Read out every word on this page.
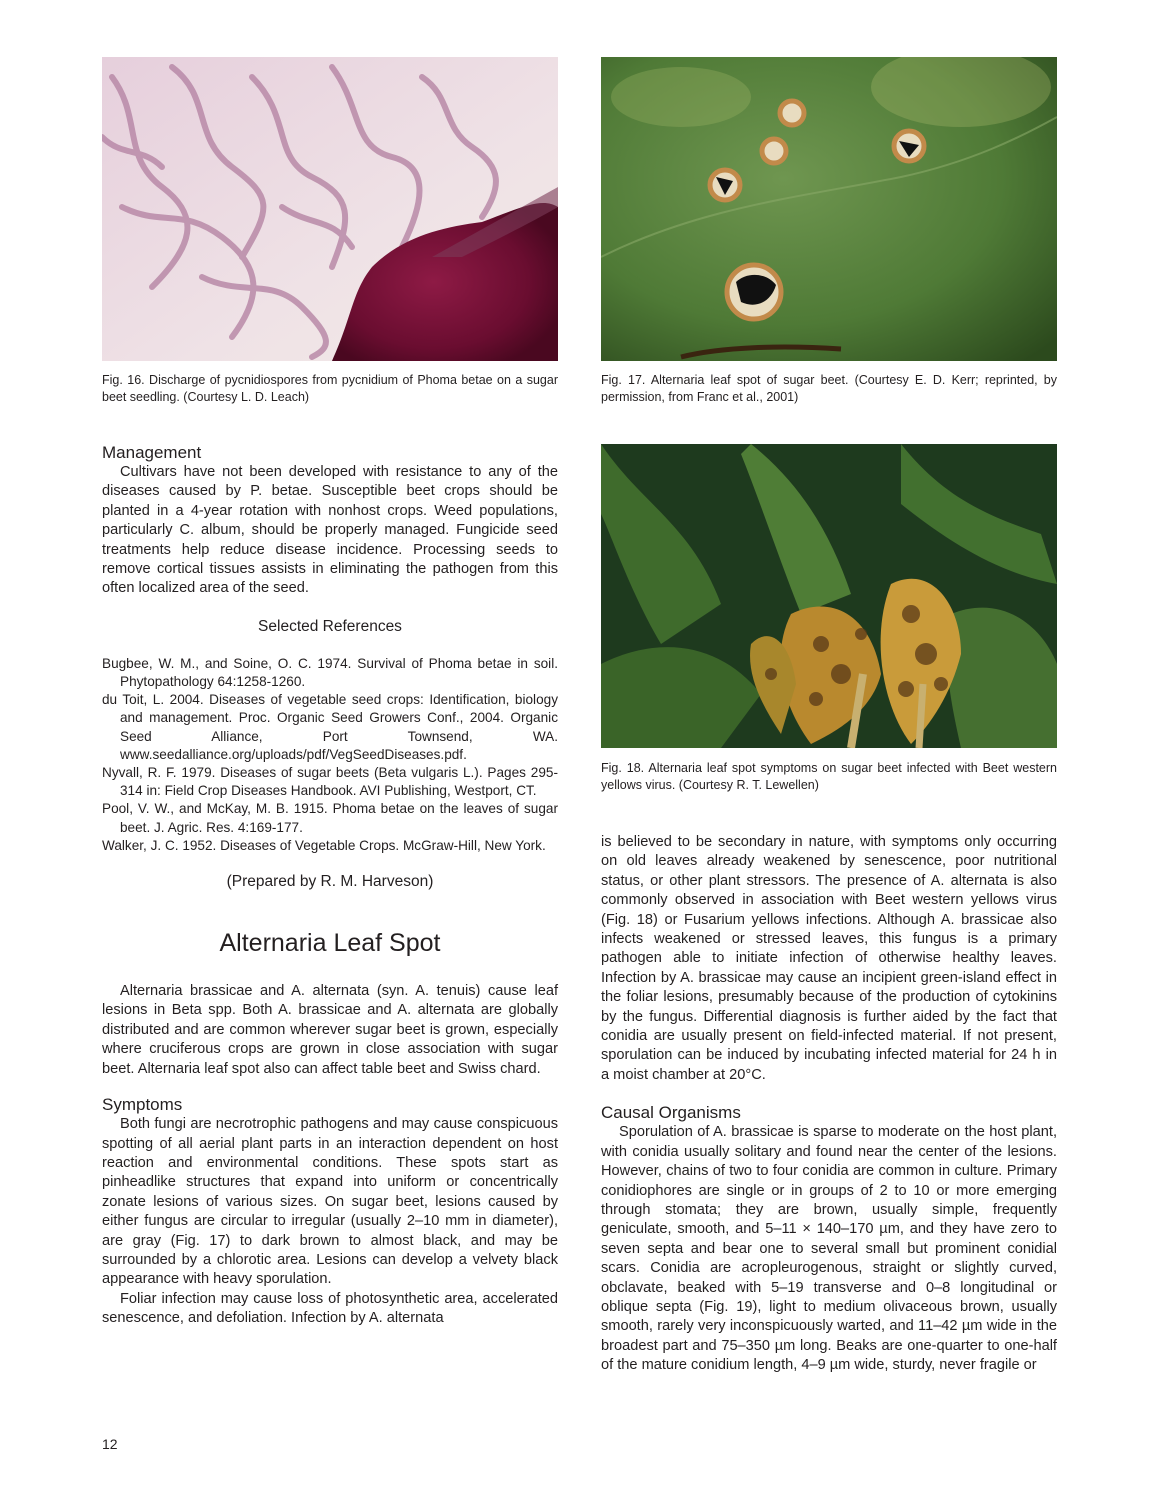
Fig. 16. Discharge of pycnidiospores from pycnidium of Phoma betae on a sugar beet seedling. (Courtesy L. D. Leach)
Fig. 17. Alternaria leaf spot of sugar beet. (Courtesy E. D. Kerr; reprinted, by permission, from Franc et al., 2001)
Fig. 18. Alternaria leaf spot symptoms on sugar beet infected with Beet western yellows virus. (Courtesy R. T. Lewellen)
Management

Cultivars have not been developed with resistance to any of the diseases caused by P. betae. Susceptible beet crops should be planted in a 4-year rotation with nonhost crops. Weed populations, particularly C. album, should be properly managed. Fungicide seed treatments help reduce disease incidence. Processing seeds to remove cortical tissues assists in eliminating the pathogen from this often localized area of the seed.

Selected References
Bugbee, W. M., and Soine, O. C. 1974. Survival of Phoma betae in soil. Phytopathology 64:1258-1260.
du Toit, L. 2004. Diseases of vegetable seed crops: Identification, biology and management. Proc. Organic Seed Growers Conf., 2004. Organic Seed Alliance, Port Townsend, WA. www.seedalliance.org/uploads/pdf/VegSeedDiseases.pdf.
Nyvall, R. F. 1979. Diseases of sugar beets (Beta vulgaris L.). Pages 295-314 in: Field Crop Diseases Handbook. AVI Publishing, Westport, CT.
Pool, V. W., and McKay, M. B. 1915. Phoma betae on the leaves of sugar beet. J. Agric. Res. 4:169-177.
Walker, J. C. 1952. Diseases of Vegetable Crops. McGraw-Hill, New York.
(Prepared by R. M. Harveson)
Alternaria Leaf Spot

Alternaria brassicae and A. alternata (syn. A. tenuis) cause leaf lesions in Beta spp. Both A. brassicae and A. alternata are globally distributed and are common wherever sugar beet is grown, especially where cruciferous crops are grown in close association with sugar beet. Alternaria leaf spot also can affect table beet and Swiss chard.

Symptoms

Both fungi are necrotrophic pathogens and may cause conspicuous spotting of all aerial plant parts in an interaction dependent on host reaction and environmental conditions. These spots start as pinheadlike structures that expand into uniform or concentrically zonate lesions of various sizes. On sugar beet, lesions caused by either fungus are circular to irregular (usually 2–10 mm in diameter), are gray (Fig. 17) to dark brown to almost black, and may be surrounded by a chlorotic area. Lesions can develop a velvety black appearance with heavy sporulation.

Foliar infection may cause loss of photosynthetic area, accelerated senescence, and defoliation. Infection by A. alternata

is believed to be secondary in nature, with symptoms only occurring on old leaves already weakened by senescence, poor nutritional status, or other plant stressors. The presence of A. alternata is also commonly observed in association with Beet western yellows virus (Fig. 18) or Fusarium yellows infections. Although A. brassicae also infects weakened or stressed leaves, this fungus is a primary pathogen able to initiate infection of otherwise healthy leaves. Infection by A. brassicae may cause an incipient green-island effect in the foliar lesions, presumably because of the production of cytokinins by the fungus. Differential diagnosis is further aided by the fact that conidia are usually present on field-infected material. If not present, sporulation can be induced by incubating infected material for 24 h in a moist chamber at 20°C.

Causal Organisms

Sporulation of A. brassicae is sparse to moderate on the host plant, with conidia usually solitary and found near the center of the lesions. However, chains of two to four conidia are common in culture. Primary conidiophores are single or in groups of 2 to 10 or more emerging through stomata; they are brown, usually simple, frequently geniculate, smooth, and 5–11 × 140–170 µm, and they have zero to seven septa and bear one to several small but prominent conidial scars. Conidia are acropleurogenous, straight or slightly curved, obclavate, beaked with 5–19 transverse and 0–8 longitudinal or oblique septa (Fig. 19), light to medium olivaceous brown, usually smooth, rarely very inconspicuously warted, and 11–42 µm wide in the broadest part and 75–350 µm long. Beaks are one-quarter to one-half of the mature conidium length, 4–9 µm wide, sturdy, never fragile or

12
